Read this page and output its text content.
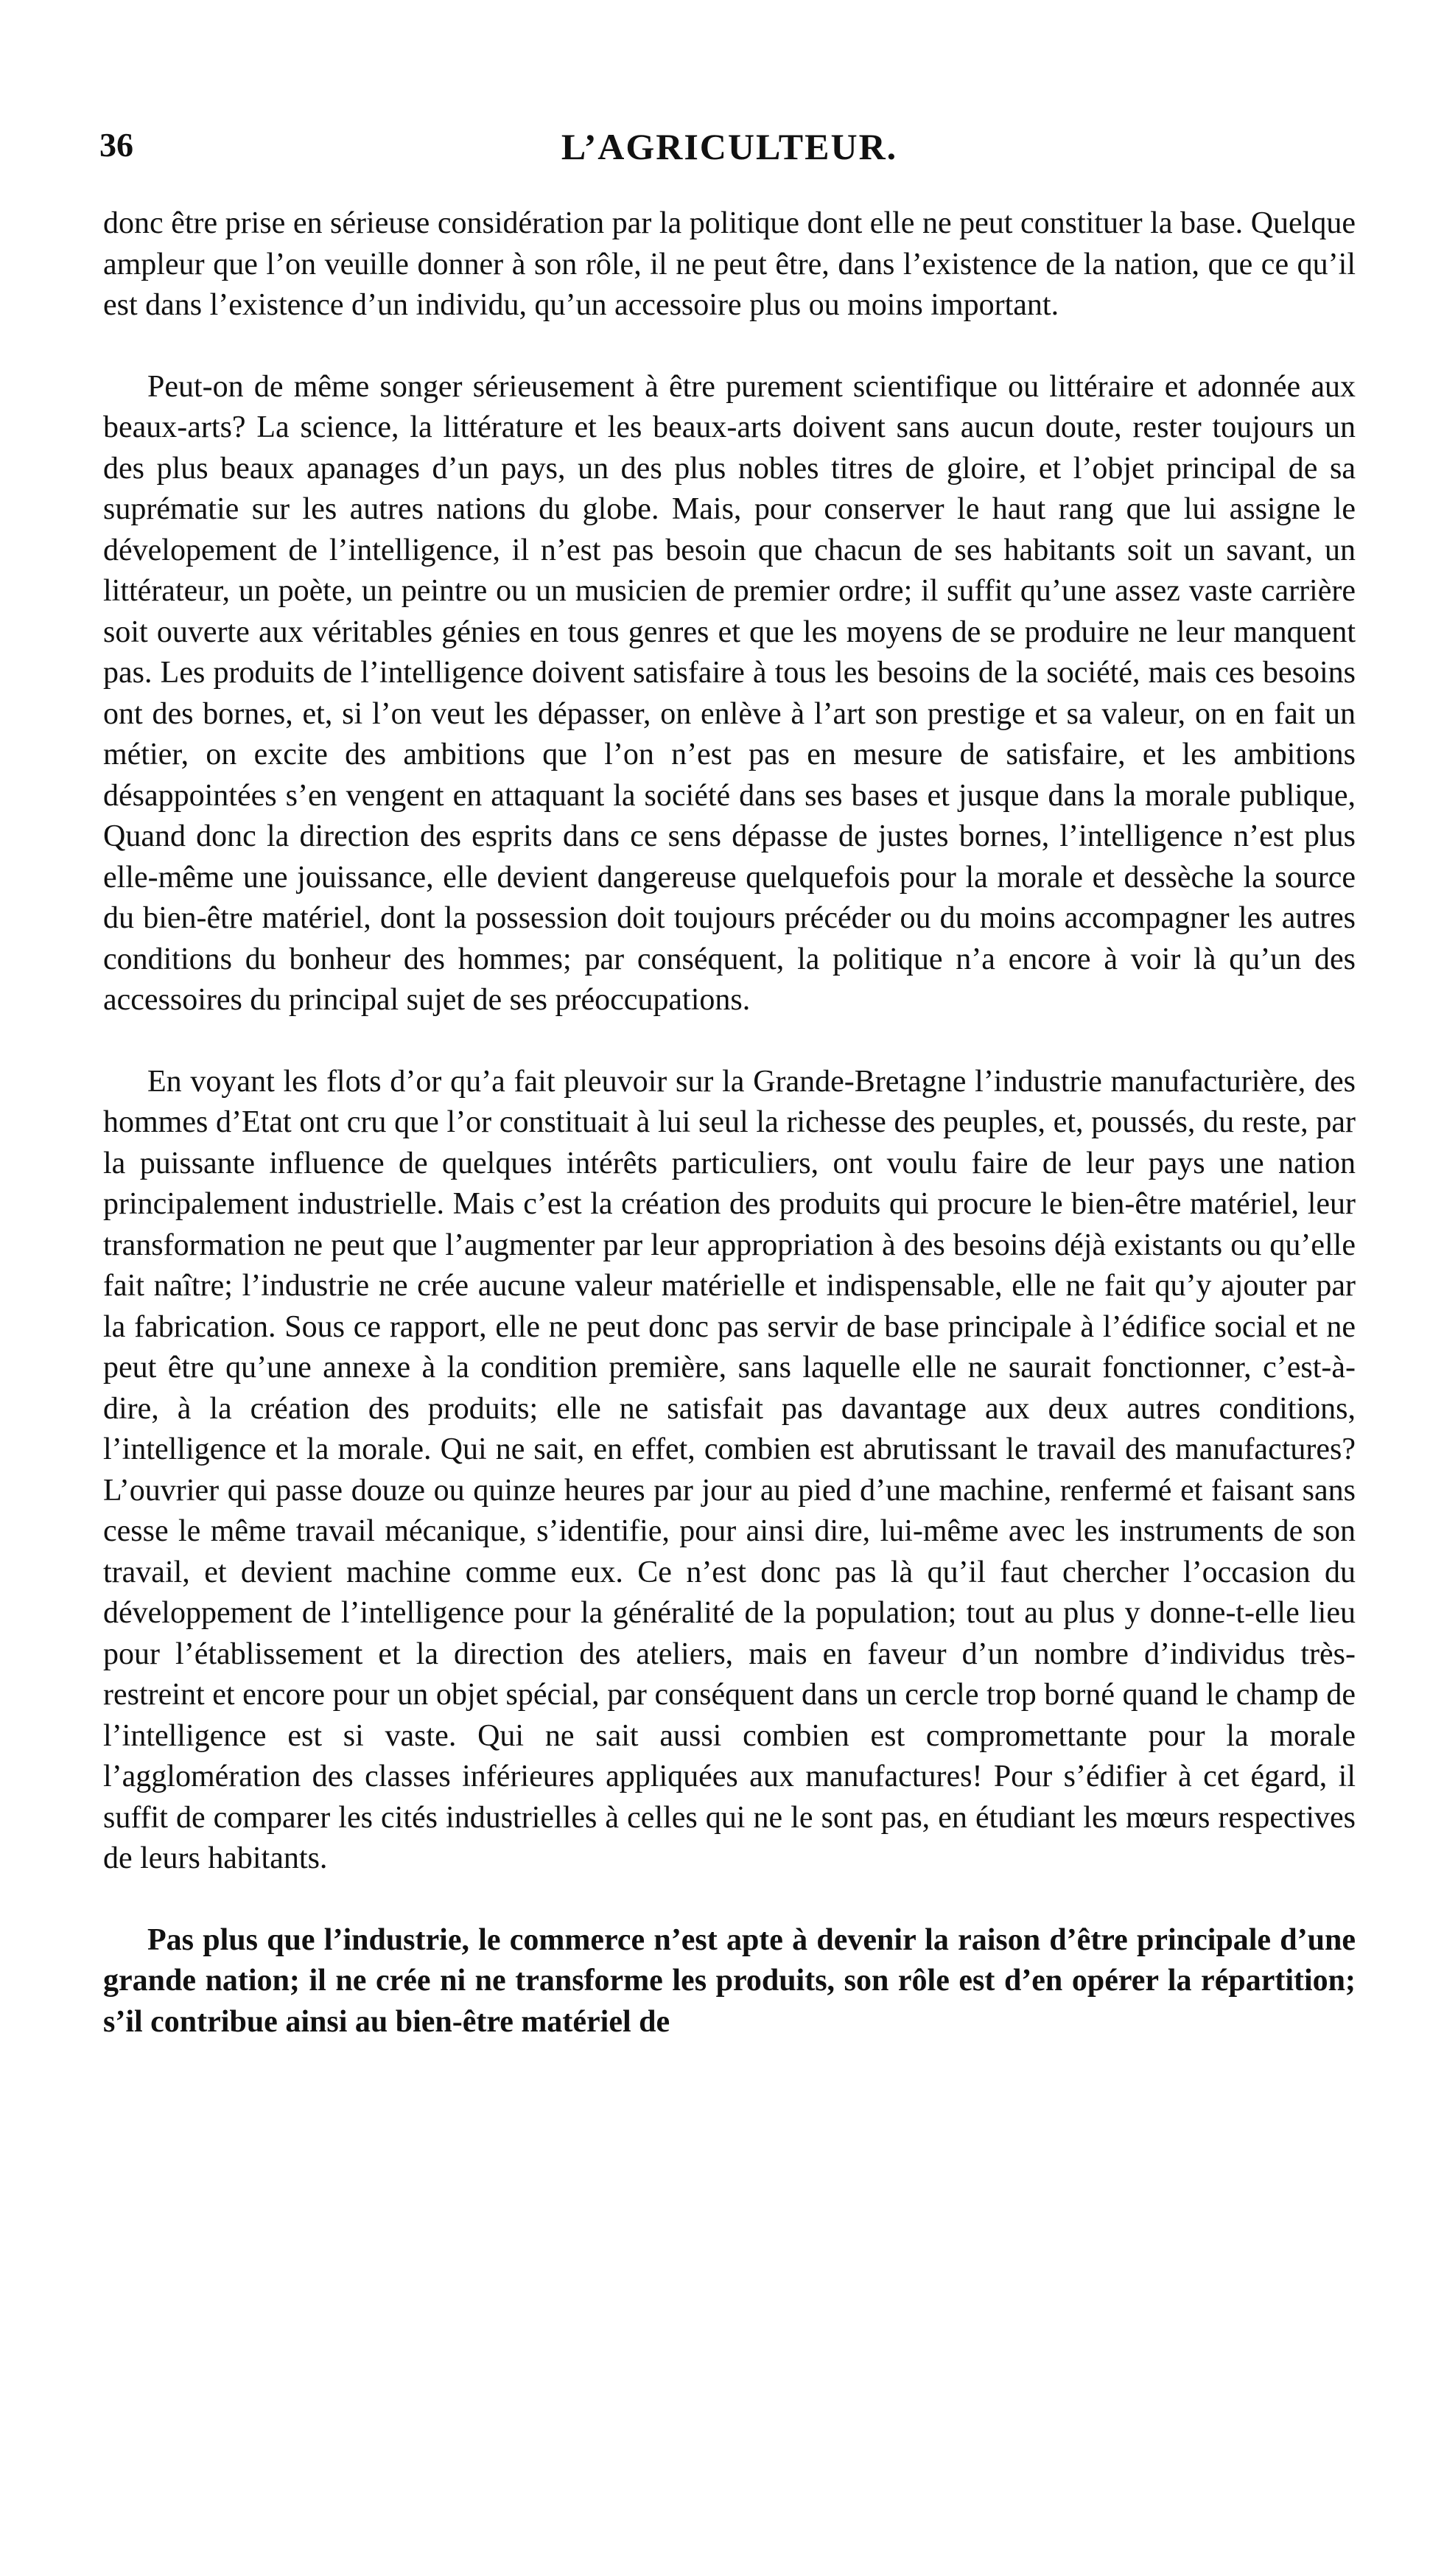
36	L’AGRICULTEUR.

donc être prise en sérieuse considération par la politique dont elle ne peut constituer la base. Quelque ampleur que l’on veuille donner à son rôle, il ne peut être, dans l’existence de la nation, que ce qu’il est dans l’existence d’un individu, qu’un accessoire plus ou moins important.

Peut-on de même songer sérieusement à être purement scientifique ou littéraire et adonnée aux beaux-arts? La science, la littérature et les beaux-arts doivent sans aucun doute, rester toujours un des plus beaux apanages d’un pays, un des plus nobles titres de gloire, et l’objet principal de sa suprématie sur les autres nations du globe. Mais, pour conserver le haut rang que lui assigne le dévelopement de l’intelligence, il n’est pas besoin que chacun de ses habitants soit un savant, un littérateur, un poète, un peintre ou un musicien de premier ordre; il suffit qu’une assez vaste carrière soit ouverte aux véritables génies en tous genres et que les moyens de se produire ne leur manquent pas. Les produits de l’intelligence doivent satisfaire à tous les besoins de la société, mais ces besoins ont des bornes, et, si l’on veut les dépasser, on enlève à l’art son prestige et sa valeur, on en fait un métier, on excite des ambitions que l’on n’est pas en mesure de satisfaire, et les ambitions désappointées s’en vengent en attaquant la société dans ses bases et jusque dans la morale publique, Quand donc la direction des esprits dans ce sens dépasse de justes bornes, l’intelligence n’est plus elle-même une jouissance, elle devient dangereuse quelquefois pour la morale et dessèche la source du bien-être matériel, dont la possession doit toujours précéder ou du moins accompagner les autres conditions du bonheur des hommes; par conséquent, la politique n’a encore à voir là qu’un des accessoires du principal sujet de ses préoccupations.

En voyant les flots d’or qu’a fait pleuvoir sur la Grande-Bretagne l’industrie manufacturière, des hommes d’Etat ont cru que l’or constituait à lui seul la richesse des peuples, et, poussés, du reste, par la puissante influence de quelques intérêts particuliers, ont voulu faire de leur pays une nation principalement industrielle. Mais c’est la création des produits qui procure le bien-être matériel, leur transformation ne peut que l’augmenter par leur appropriation à des besoins déjà existants ou qu’elle fait naître; l’industrie ne crée aucune valeur matérielle et indispensable, elle ne fait qu’y ajouter par la fabrication. Sous ce rapport, elle ne peut donc pas servir de base principale à l’édifice social et ne peut être qu’une annexe à la condition première, sans laquelle elle ne saurait fonctionner, c’est-à-dire, à la création des produits; elle ne satisfait pas davantage aux deux autres conditions, l’intelligence et la morale. Qui ne sait, en effet, combien est abrutissant le travail des manufactures? L’ouvrier qui passe douze ou quinze heures par jour au pied d’une machine, renfermé et faisant sans cesse le même travail mécanique, s’identifie, pour ainsi dire, lui-même avec les instruments de son travail, et devient machine comme eux. Ce n’est donc pas là qu’il faut chercher l’occasion du développement de l’intelligence pour la généralité de la population; tout au plus y donne-t-elle lieu pour l’établissement et la direction des ateliers, mais en faveur d’un nombre d’individus très-restreint et encore pour un objet spécial, par conséquent dans un cercle trop borné quand le champ de l’intelligence est si vaste. Qui ne sait aussi combien est compromettante pour la morale l’agglomération des classes inférieures appliquées aux manufactures! Pour s’édifier à cet égard, il suffit de comparer les cités industrielles à celles qui ne le sont pas, en étudiant les mœurs respectives de leurs habitants.

Pas plus que l’industrie, le commerce n’est apte à devenir la raison d’être principale d’une grande nation; il ne crée ni ne transforme les produits, son rôle est d’en opérer la répartition; s’il contribue ainsi au bien-être matériel de
